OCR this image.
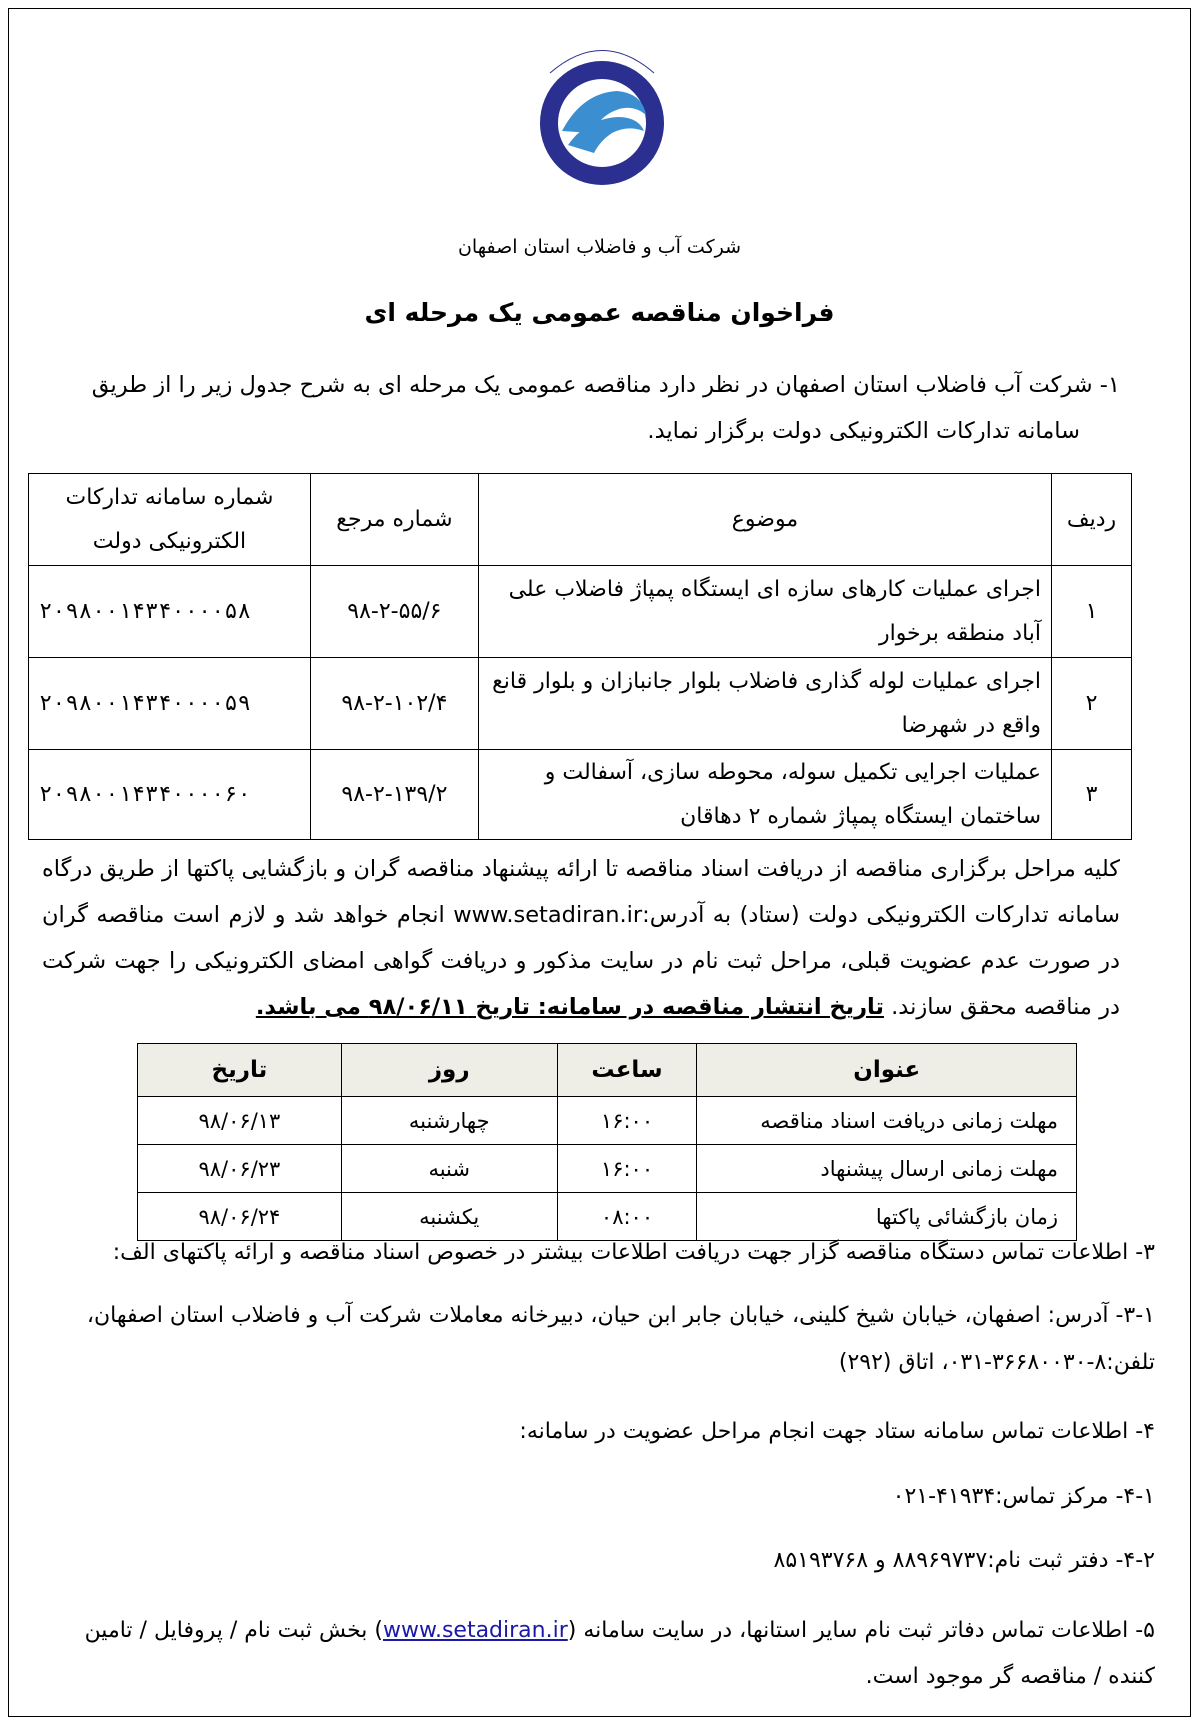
شرکت آب و فاضلاب استان اصفهان
فراخوان مناقصه عمومی یک مرحله ای
۱- شرکت آب فاضلاب استان اصفهان در نظر دارد مناقصه عمومی یک مرحله ای به شرح جدول زیر را از طریق
سامانه تدارکات الکترونیکی دولت برگزار نماید.
ردیف	موضوع	شماره مرجع	شماره سامانه تدارکات الکترونیکی دولت
۱	اجرای عملیات کارهای سازه ای ایستگاه پمپاژ فاضلاب علی آباد منطقه برخوار	۹۸-۲-۵۵/۶	۲۰۹۸۰۰۱۴۳۴۰۰۰۰۵۸
۲	اجرای عملیات لوله گذاری فاضلاب بلوار جانبازان و بلوار قانع واقع در شهرضا	۹۸-۲-۱۰۲/۴	۲۰۹۸۰۰۱۴۳۴۰۰۰۰۵۹
۳	عملیات اجرایی تکمیل سوله، محوطه سازی، آسفالت و ساختمان ایستگاه پمپاژ شماره ۲ دهاقان	۹۸-۲-۱۳۹/۲	۲۰۹۸۰۰۱۴۳۴۰۰۰۰۶۰
کلیه مراحل برگزاری مناقصه از دریافت اسناد مناقصه تا ارائه پیشنهاد مناقصه گران و بازگشایی پاکتها از طریق درگاه سامانه تدارکات الکترونیکی دولت (ستاد) به آدرس:www.setadiran.ir انجام خواهد شد و لازم است مناقصه گران در صورت عدم عضویت قبلی، مراحل ثبت نام در سایت مذکور و دریافت گواهی امضای الکترونیکی را جهت شرکت در مناقصه محقق سازند. تاریخ انتشار مناقصه در سامانه: تاریخ ۹۸/۰۶/۱۱ می باشد.
عنوان	ساعت	روز	تاریخ
مهلت زمانی دریافت اسناد مناقصه	۱۶:۰۰	چهارشنبه	۹۸/۰۶/۱۳
مهلت زمانی ارسال پیشنهاد	۱۶:۰۰	شنبه	۹۸/۰۶/۲۳
زمان بازگشائی پاکتها	۰۸:۰۰	یکشنبه	۹۸/۰۶/۲۴
۳- اطلاعات تماس دستگاه مناقصه گزار جهت دریافت اطلاعات بیشتر در خصوص اسناد مناقصه و ارائه پاکتهای الف:
۳-۱- آدرس: اصفهان، خیابان شیخ کلینی، خیابان جابر ابن حیان، دبیرخانه معاملات شرکت آب و فاضلاب استان اصفهان،
تلفن:۸-۳۶۶۸۰۰۳۰-۰۳۱، اتاق (۲۹۲)
۴- اطلاعات تماس سامانه ستاد جهت انجام مراحل عضویت در سامانه:
۴-۱- مرکز تماس:۴۱۹۳۴-۰۲۱
۴-۲- دفتر ثبت نام:۸۸۹۶۹۷۳۷ و ۸۵۱۹۳۷۶۸
۵- اطلاعات تماس دفاتر ثبت نام سایر استانها، در سایت سامانه (www.setadiran.ir) بخش ثبت نام / پروفایل / تامین
کننده / مناقصه گر موجود است.
